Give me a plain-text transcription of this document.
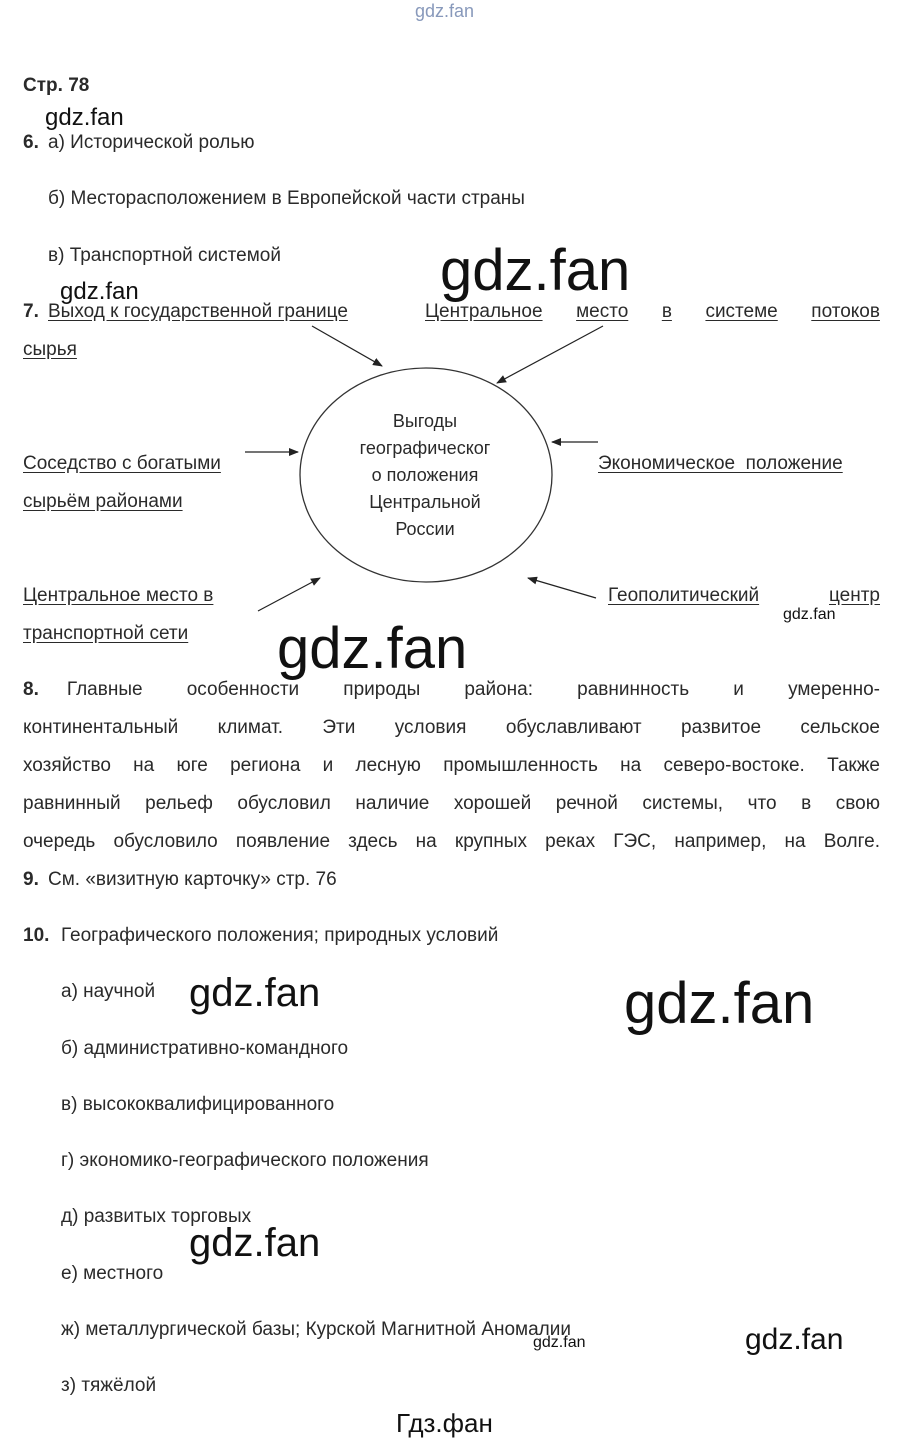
gdz.fan
gdz.fan
gdz.fan
gdz.fan
gdz.fan
gdz.fan
gdz.fan	gdz.fan
gdz.fan
gdz.fan
gdz.fan
Гдз.фан
Стр. 78
6. а) Исторической ролью
б) Месторасположением в Европейской части страны
в) Транспортной системой
7. Выход к государственной границе	Центральное место в системе потоков
сырья
Выгоды
географическог
о положения
Центральной
России
Соседство с богатыми
сырьём районами
Экономическое  положение
Центральное место в
транспортной сети
Геополитический	центр
8. Главные особенности природы района: равнинность и умеренно-
континентальный климат. Эти условия обуславливают развитое сельское
хозяйство на юге региона и лесную промышленность на северо-востоке. Также
равнинный рельеф обусловил наличие хорошей речной системы, что в свою
очередь обусловило появление здесь на крупных реках ГЭС, например, на Волге.
9. См. «визитную карточку» стр. 76
10. Географического положения; природных условий
а) научной
б) административно-командного
в) высококвалифицированного
г) экономико-географического положения
д) развитых торговых
е) местного
ж) металлургической базы; Курской Магнитной Аномалии
з) тяжёлой
